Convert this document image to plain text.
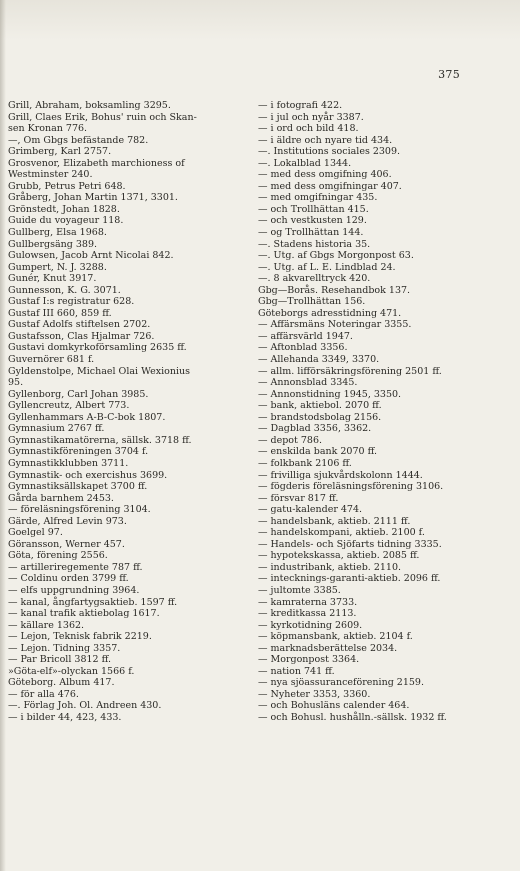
375
Grill, Abraham, boksamling 3295.
Grill, Claes Erik, Bohus' ruin och Skan-
sen Kronan 776.
—, Om Gbgs befästande 782.
Grimberg, Karl 2757.
Grosvenor, Elizabeth marchioness of
Westminster 240.
Grubb, Petrus Petri 648.
Gråberg, Johan Martin 1371, 3301.
Grönstedt, Johan 1828.
Guide du voyageur 118.
Gullberg, Elsa 1968.
Gullbergsäng 389.
Gulowsen, Jacob Arnt Nicolai 842.
Gumpert, N. J. 3288.
Gunér, Knut 3917.
Gunnesson, K. G. 3071.
Gustaf I:s registratur 628.
Gustaf III 660, 859 ff.
Gustaf Adolfs stiftelsen 2702.
Gustafsson, Clas Hjalmar 726.
Gustavi domkyrkoförsamling 2635 ff.
Guvernörer 681 f.
Gyldenstolpe, Michael Olai Wexionius
95.
Gyllenborg, Carl Johan 3985.
Gyllencreutz, Albert 773.
Gyllenhammars A-B-C-bok 1807.
Gymnasium 2767 ff.
Gymnastikamatörerna, sällsk. 3718 ff.
Gymnastikföreningen 3704 f.
Gymnastikklubben 3711.
Gymnastik- och exercishus 3699.
Gymnastiksällskapet 3700 ff.
Gårda barnhem 2453.
— föreläsningsförening 3104.
Gärde, Alfred Levin 973.
Goelgel 97.
Göransson, Werner 457.
Göta, förening 2556.
— artilleriregemente 787 ff.
— Coldinu orden 3799 ff.
— elfs uppgrundning 3964.
— kanal, ångfartygsaktieb. 1597 ff.
— kanal trafik aktiebolag 1617.
— källare 1362.
— Lejon, Teknisk fabrik 2219.
— Lejon. Tidning 3357.
— Par Bricoll 3812 ff.
»Göta-elf»-olyckan 1566 f.
Göteborg. Album 417.
— för alla 476.
—. Förlag Joh. Ol. Andreen 430.
— i bilder 44, 423, 433.
— i fotografi 422.
— i jul och nyår 3387.
— i ord och bild 418.
— i äldre och nyare tid 434.
—. Institutions sociales 2309.
—. Lokalblad 1344.
— med dess omgifning 406.
— med dess omgifningar 407.
— med omgifningar 435.
— och Trollhättan 415.
— och vestkusten 129.
— og Trollhättan 144.
—. Stadens historia 35.
—. Utg. af Gbgs Morgonpost 63.
—. Utg. af L. E. Lindblad 24.
—. 8 akvarelltryck 420.
Gbg—Borås. Resehandbok 137.
Gbg—Trollhättan 156.
Göteborgs adresstidning 471.
— Affärsmäns Noteringar 3355.
— affärsvärld 1947.
— Aftonblad 3356.
— Allehanda 3349, 3370.
— allm. lifförsäkringsförening 2501 ff.
— Annonsblad 3345.
— Annonstidning 1945, 3350.
— bank, aktiebol. 2070 ff.
— brandstodsbolag 2156.
— Dagblad 3356, 3362.
— depot 786.
— enskilda bank 2070 ff.
— folkbank 2106 ff.
— frivilliga sjukvårdskolonn 1444.
— fögderis föreläsningsförening 3106.
— försvar 817 ff.
— gatu-kalender 474.
— handelsbank, aktieb. 2111 ff.
— handelskompani, aktieb. 2100 f.
— Handels- och Sjöfarts tidning 3335.
— hypotekskassa, aktieb. 2085 ff.
— industribank, aktieb. 2110.
— intecknings-garanti-aktieb. 2096 ff.
— jultomte 3385.
— kamraterna 3733.
— kreditkassa 2113.
— kyrkotidning 2609.
— köpmansbank, aktieb. 2104 f.
— marknadsberättelse 2034.
— Morgonpost 3364.
— nation 741 ff.
— nya sjöassuranceförening 2159.
— Nyheter 3353, 3360.
— och Bohusläns calender 464.
— och Bohusl. hushålln.-sällsk. 1932 ff.
